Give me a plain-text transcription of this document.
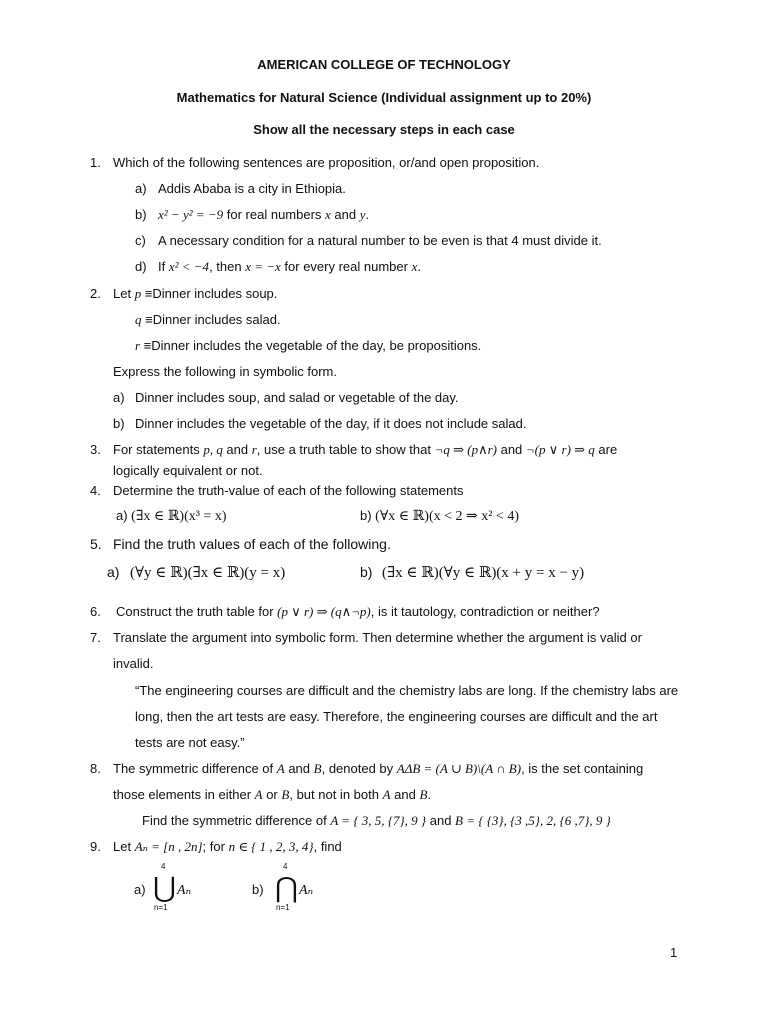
AMERICAN COLLEGE OF TECHNOLOGY
Mathematics for Natural Science (Individual assignment up to 20%)
Show all the necessary steps in each case
1. Which of the following sentences are proposition, or/and open proposition.
a) Addis Ababa is a city in Ethiopia.
b) x² − y² = −9 for real numbers x and y.
c) A necessary condition for a natural number to be even is that 4 must divide it.
d) If x² < −4, then x = −x for every real number x.
2. Let p ≡Dinner includes soup.
q ≡Dinner includes salad.
r ≡Dinner includes the vegetable of the day, be propositions.
Express the following in symbolic form.
a) Dinner includes soup, and salad or vegetable of the day.
b) Dinner includes the vegetable of the day, if it does not include salad.
3. For statements p, q and r, use a truth table to show that ¬q ⇒ (p∧r) and ¬(p ∨ r) ⇒ q are
logically equivalent or not.
4. Determine the truth-value of each of the following statements
a) (∃x ∈ ℝ)(x³ = x)	b) (∀x ∈ ℝ)(x < 2 ⇒ x² < 4)
5. Find the truth values of each of the following.
a) (∀y ∈ ℝ)(∃x ∈ ℝ)(y = x)	b) (∃x ∈ ℝ)(∀y ∈ ℝ)(x + y = x − y)
6. Construct the truth table for (p ∨ r) ⇒ (q∧¬p), is it tautology, contradiction or neither?
7. Translate the argument into symbolic form. Then determine whether the argument is valid or
invalid.
“The engineering courses are difficult and the chemistry labs are long. If the chemistry labs are
long, then the art tests are easy. Therefore, the engineering courses are difficult and the art
tests are not easy.”
8. The symmetric difference of A and B, denoted by AΔB = (A ∪ B)\(A ∩ B), is the set containing
those elements in either A or B, but not in both A and B.
Find the symmetric difference of A = { 3, 5, {7}, 9 } and B = { {3}, {3 ,5}, 2, {6 ,7}, 9 }
9. Let Aₙ = [n , 2n]; for n ∈ { 1 , 2, 3, 4}, find
a)
4
⋃
n=1
Aₙ	b)
4
⋂
n=1
Aₙ
1
